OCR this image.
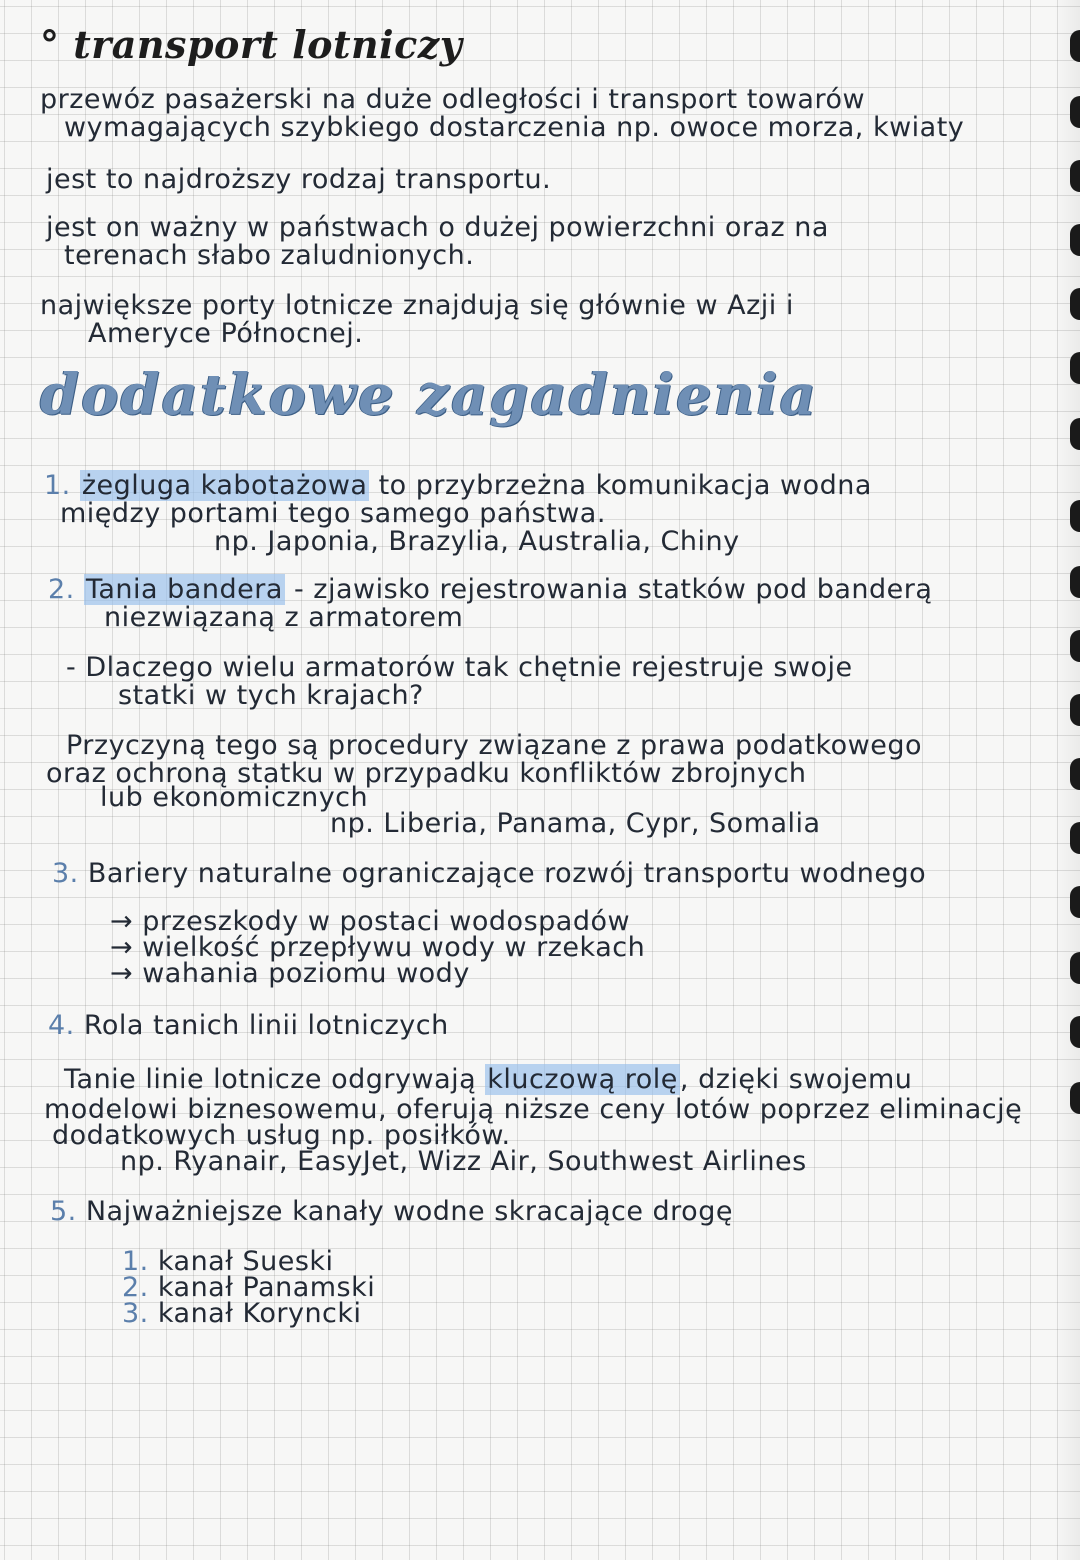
° transport lotniczy
przewóz pasażerski na duże odległości i transport towarów
wymagających szybkiego dostarczenia np. owoce morza, kwiaty
jest to najdroższy rodzaj transportu.
jest on ważny w państwach o dużej powierzchni oraz na
terenach słabo zaludnionych.
największe porty lotnicze znajdują się głównie w Azji i
Ameryce Północnej.
dodatkowe zagadnienia
1. żegluga kabotażowa to przybrzeżna komunikacja wodna
między portami tego samego państwa.
np. Japonia, Brazylia, Australia, Chiny
2. Tania bandera - zjawisko rejestrowania statków pod banderą
niezwiązaną z armatorem
- Dlaczego wielu armatorów tak chętnie rejestruje swoje
statki w tych krajach?
Przyczyną tego są procedury związane z prawa podatkowego
oraz ochroną statku w przypadku konfliktów zbrojnych
lub ekonomicznych
np. Liberia, Panama, Cypr, Somalia
3. Bariery naturalne ograniczające rozwój transportu wodnego
→ przeszkody w postaci wodospadów
→ wielkość przepływu wody w rzekach
→ wahania poziomu wody
4. Rola tanich linii lotniczych
Tanie linie lotnicze odgrywają kluczową rolę, dzięki swojemu
modelowi biznesowemu, oferują niższe ceny lotów poprzez eliminację
dodatkowych usług np. posiłków.
np. Ryanair, EasyJet, Wizz Air, Southwest Airlines
5. Najważniejsze kanały wodne skracające drogę
1. kanał Sueski
2. kanał Panamski
3. kanał Koryncki
